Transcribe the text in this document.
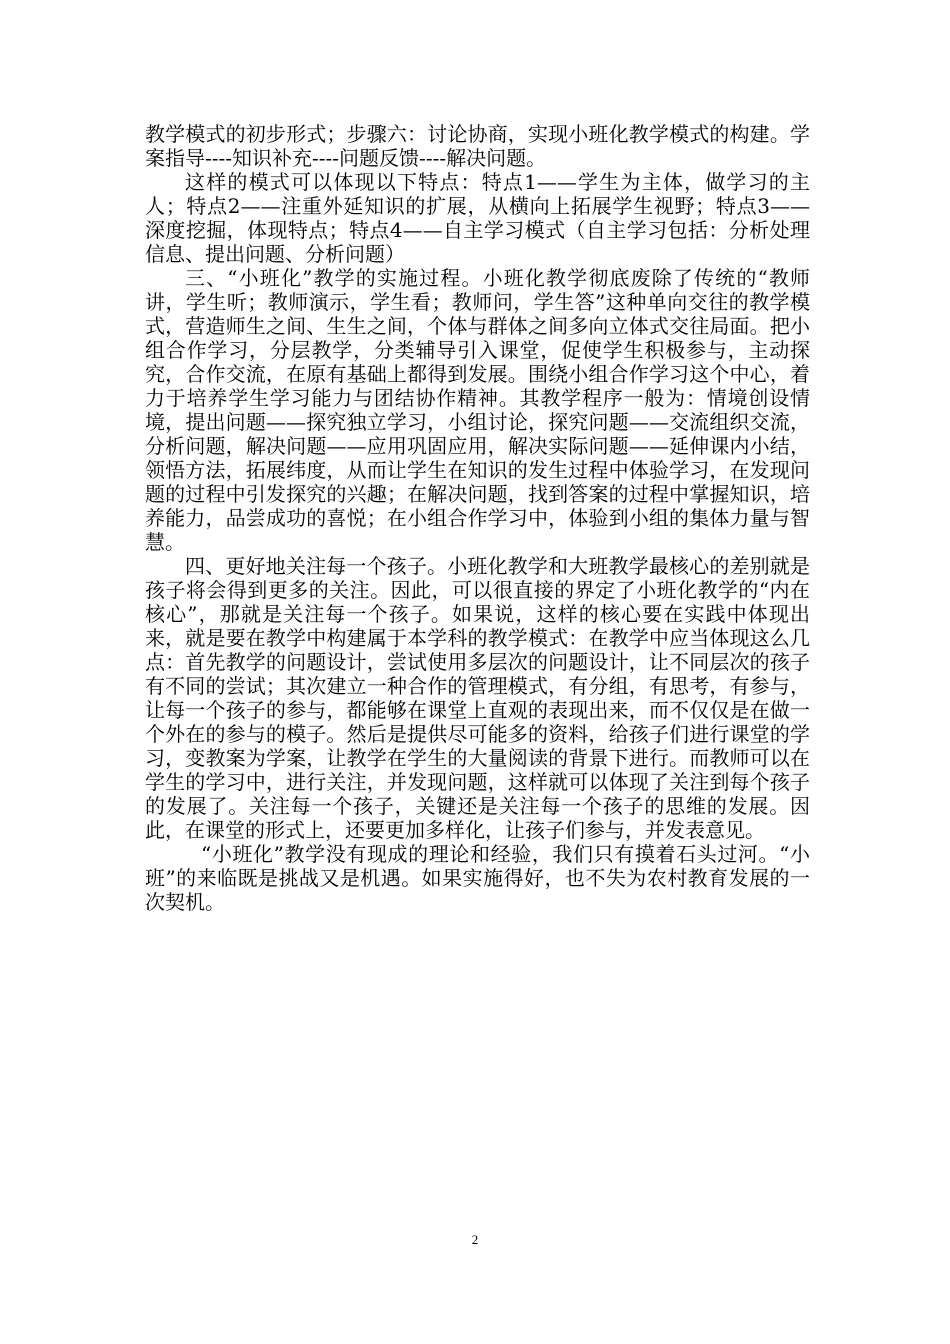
教学模式的初步形式；步骤六：讨论协商，实现小班化教学模式的构建。学案指导----知识补充----问题反馈----解决问题。

这样的模式可以体现以下特点：特点1——学生为主体，做学习的主人；特点2——注重外延知识的扩展，从横向上拓展学生视野；特点3——深度挖掘，体现特点；特点4——自主学习模式（自主学习包括：分析处理信息、提出问题、分析问题）

三、“小班化”教学的实施过程。小班化教学彻底废除了传统的“教师讲，学生听；教师演示，学生看；教师问，学生答”这种单向交往的教学模式，营造师生之间、生生之间，个体与群体之间多向立体式交往局面。把小组合作学习，分层教学，分类辅导引入课堂，促使学生积极参与，主动探究，合作交流，在原有基础上都得到发展。围绕小组合作学习这个中心，着力于培养学生学习能力与团结协作精神。其教学程序一般为：情境创设情境，提出问题——探究独立学习，小组讨论，探究问题——交流组织交流，分析问题，解决问题——应用巩固应用，解决实际问题——延伸课内小结，领悟方法，拓展纬度，从而让学生在知识的发生过程中体验学习，在发现问题的过程中引发探究的兴趣；在解决问题，找到答案的过程中掌握知识，培养能力，品尝成功的喜悦；在小组合作学习中，体验到小组的集体力量与智慧。

四、更好地关注每一个孩子。小班化教学和大班教学最核心的差别就是孩子将会得到更多的关注。因此，可以很直接的界定了小班化教学的“内在核心”，那就是关注每一个孩子。如果说，这样的核心要在实践中体现出来，就是要在教学中构建属于本学科的教学模式：在教学中应当体现这么几点：首先教学的问题设计，尝试使用多层次的问题设计，让不同层次的孩子有不同的尝试；其次建立一种合作的管理模式，有分组，有思考，有参与，让每一个孩子的参与，都能够在课堂上直观的表现出来，而不仅仅是在做一个外在的参与的模子。然后是提供尽可能多的资料，给孩子们进行课堂的学习，变教案为学案，让教学在学生的大量阅读的背景下进行。而教师可以在学生的学习中，进行关注，并发现问题，这样就可以体现了关注到每个孩子的发展了。关注每一个孩子，关键还是关注每一个孩子的思维的发展。因此，在课堂的形式上，还要更加多样化，让孩子们参与，并发表意见。

“小班化”教学没有现成的理论和经验，我们只有摸着石头过河。“小班”的来临既是挑战又是机遇。如果实施得好，也不失为农村教育发展的一次契机。

2
